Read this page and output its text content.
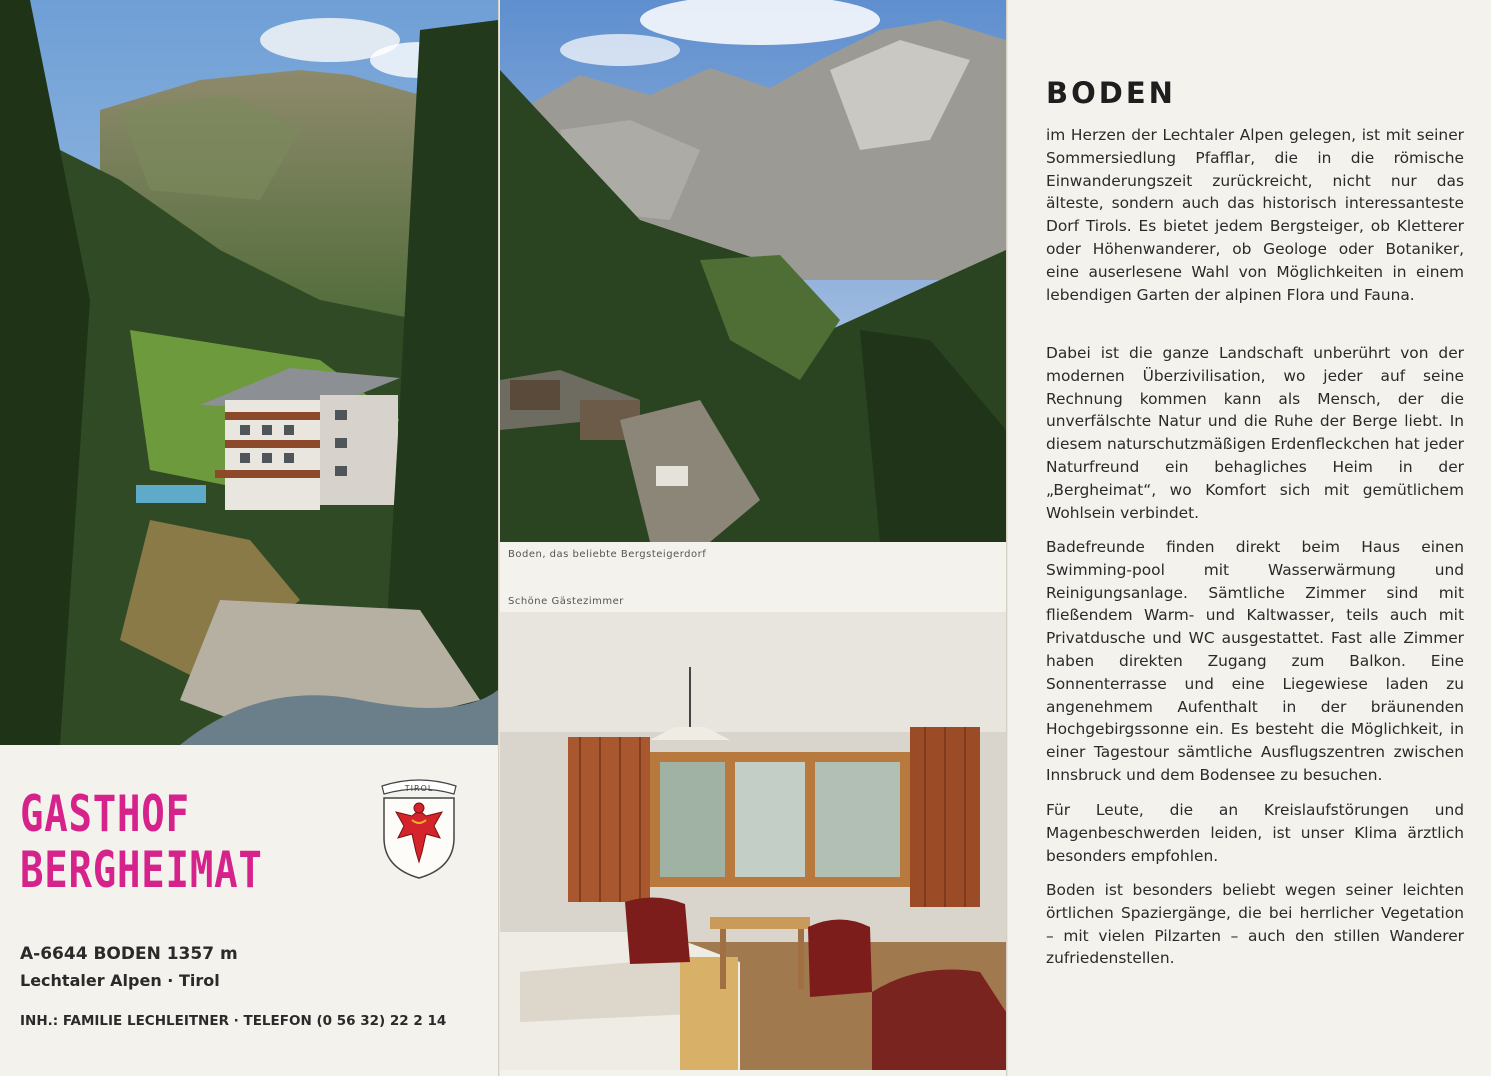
GASTHOF
BERGHEIMAT
A-6644 BODEN 1357 m
Lechtaler Alpen · Tirol
INH.: FAMILIE LECHLEITNER · TELEFON (0 56 32) 22 2 14
TIROL
Boden, das beliebte Bergsteigerdorf
Schöne Gästezimmer
BODEN

im Herzen der Lechtaler Alpen gelegen, ist mit seiner Sommersiedlung Pfafflar, die in die römische Einwanderungszeit zurückreicht, nicht nur das älteste, sondern auch das historisch interessanteste Dorf Tirols. Es bietet jedem Bergsteiger, ob Kletterer oder Höhenwanderer, ob Geologe oder Botaniker, eine auserlesene Wahl von Möglichkeiten in einem lebendigen Garten der alpinen Flora und Fauna.

Dabei ist die ganze Landschaft unberührt von der modernen Überzivilisation, wo jeder auf seine Rechnung kommen kann als Mensch, der die unverfälschte Natur und die Ruhe der Berge liebt. In diesem naturschutzmäßigen Erdenfleckchen hat jeder Naturfreund ein behagliches Heim in der „Bergheimat“, wo Komfort sich mit gemütlichem Wohlsein verbindet.

Badefreunde finden direkt beim Haus einen Swimming-pool mit Wasserwärmung und Reinigungsanlage. Sämtliche Zimmer sind mit fließendem Warm- und Kaltwasser, teils auch mit Privatdusche und WC ausgestattet. Fast alle Zimmer haben direkten Zugang zum Balkon. Eine Sonnenterrasse und eine Liegewiese laden zu angenehmem Aufenthalt in der bräunenden Hochgebirgssonne ein. Es besteht die Möglichkeit, in einer Tagestour sämtliche Ausflugszentren zwischen Innsbruck und dem Bodensee zu besuchen.

Für Leute, die an Kreislaufstörungen und Magenbeschwerden leiden, ist unser Klima ärztlich besonders empfohlen.

Boden ist besonders beliebt wegen seiner leichten örtlichen Spaziergänge, die bei herrlicher Vegetation – mit vielen Pilzarten – auch den stillen Wanderer zufriedenstellen.
